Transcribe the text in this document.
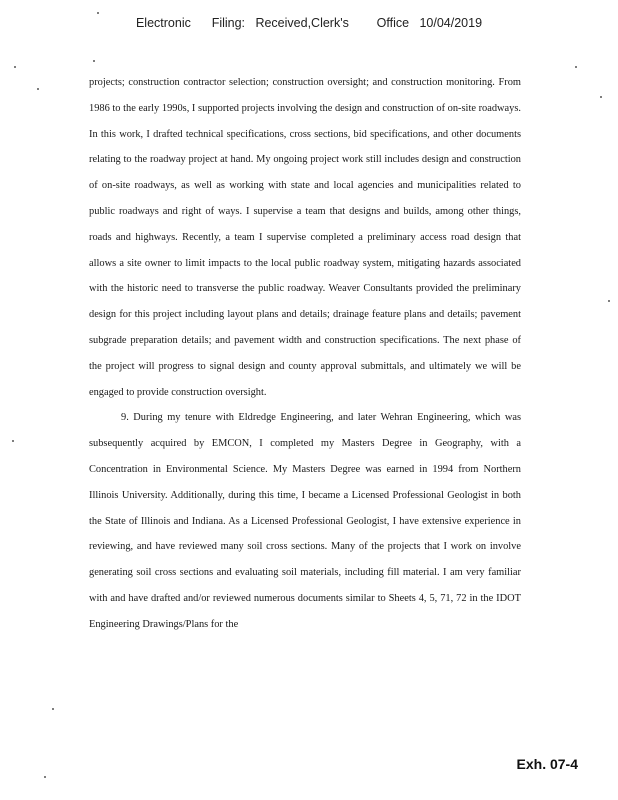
Electronic      Filing:   Received,Clerk's        Office   10/04/2019

projects; construction contractor selection; construction oversight; and construction monitoring. From 1986 to the early 1990s, I supported projects involving the design and construction of on-site roadways. In this work, I drafted technical specifications, cross sections, bid specifications, and other documents relating to the roadway project at hand. My ongoing project work still includes design and construction of on-site roadways, as well as working with state and local agencies and municipalities related to public roadways and right of ways. I supervise a team that designs and builds, among other things, roads and highways. Recently, a team I supervise completed a preliminary access road design that allows a site owner to limit impacts to the local public roadway system, mitigating hazards associated with the historic need to transverse the public roadway. Weaver Consultants provided the preliminary design for this project including layout plans and details; drainage feature plans and details; pavement subgrade preparation details; and pavement width and construction specifications. The next phase of the project will progress to signal design and county approval submittals, and ultimately we will be engaged to provide construction oversight.

9. During my tenure with Eldredge Engineering, and later Wehran Engineering, which was subsequently acquired by EMCON, I completed my Masters Degree in Geography, with a Concentration in Environmental Science. My Masters Degree was earned in 1994 from Northern Illinois University. Additionally, during this time, I became a Licensed Professional Geologist in both the State of Illinois and Indiana. As a Licensed Professional Geologist, I have extensive experience in reviewing, and have reviewed many soil cross sections. Many of the projects that I work on involve generating soil cross sections and evaluating soil materials, including fill material. I am very familiar with and have drafted and/or reviewed numerous documents similar to Sheets 4, 5, 71, 72 in the IDOT Engineering Drawings/Plans for the

Exh. 07-4
